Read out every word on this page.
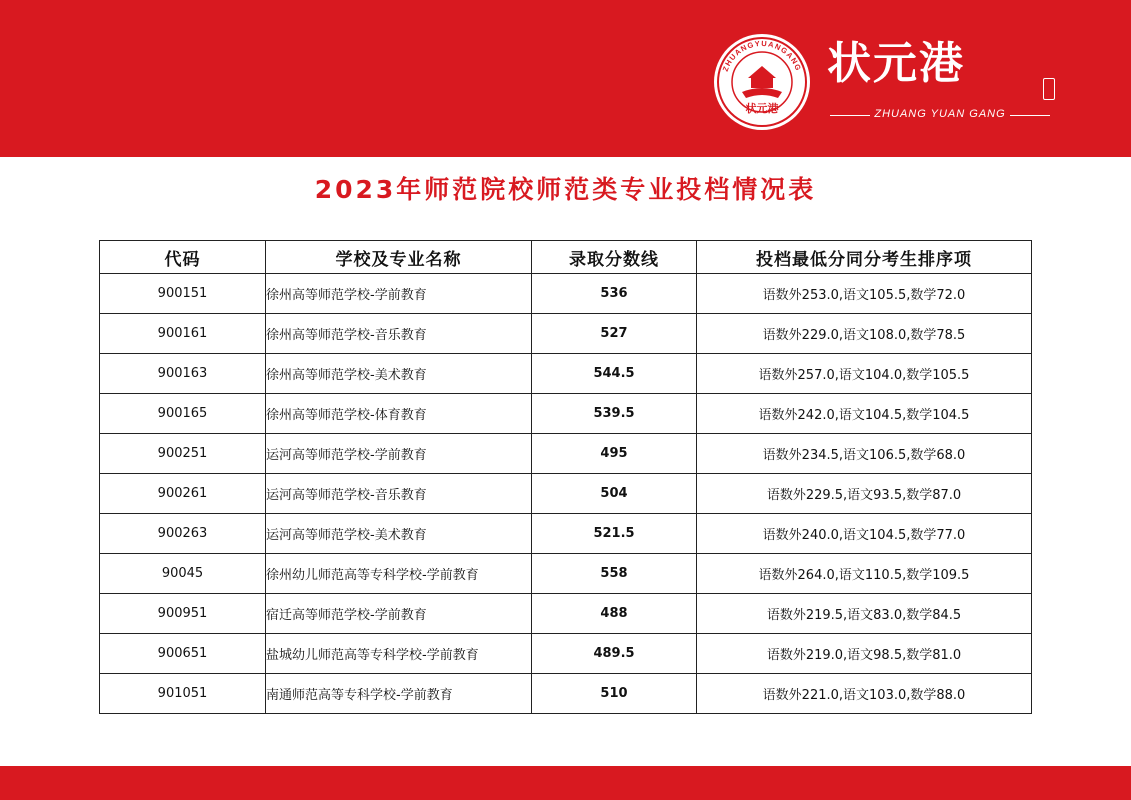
ZHUANGYUANGANG
状元港
状元港
ZHUANG YUAN GANG
2023年师范院校师范类专业投档情况表
代码	学校及专业名称	录取分数线	投档最低分同分考生排序项
900151	徐州高等师范学校-学前教育	536	语数外253.0,语文105.5,数学72.0
900161	徐州高等师范学校-音乐教育	527	语数外229.0,语文108.0,数学78.5
900163	徐州高等师范学校-美术教育	544.5	语数外257.0,语文104.0,数学105.5
900165	徐州高等师范学校-体育教育	539.5	语数外242.0,语文104.5,数学104.5
900251	运河高等师范学校-学前教育	495	语数外234.5,语文106.5,数学68.0
900261	运河高等师范学校-音乐教育	504	语数外229.5,语文93.5,数学87.0
900263	运河高等师范学校-美术教育	521.5	语数外240.0,语文104.5,数学77.0
90045	徐州幼儿师范高等专科学校-学前教育	558	语数外264.0,语文110.5,数学109.5
900951	宿迁高等师范学校-学前教育	488	语数外219.5,语文83.0,数学84.5
900651	盐城幼儿师范高等专科学校-学前教育	489.5	语数外219.0,语文98.5,数学81.0
901051	南通师范高等专科学校-学前教育	510	语数外221.0,语文103.0,数学88.0
